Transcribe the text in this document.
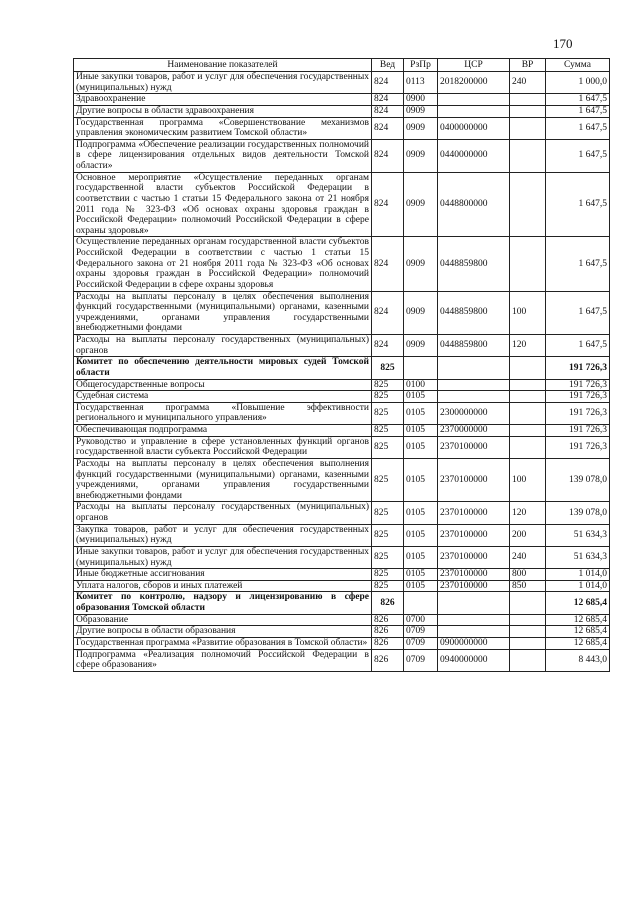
170
Наименование показателей	Вед	РзПр	ЦСР	ВР	Сумма
Иные закупки товаров, работ и услуг для обеспечения государственных (муниципальных) нужд	824	0113	2018200000	240	1 000,0
Здравоохранение	824	0900			1 647,5
Другие вопросы в области здравоохранения	824	0909			1 647,5
Государственная программа «Совершенствование механизмов управления экономическим развитием Томской области»	824	0909	0400000000		1 647,5
Подпрограмма «Обеспечение реализации государственных полномочий в сфере лицензирования отдельных видов деятельности Томской области»	824	0909	0440000000		1 647,5
Основное мероприятие «Осуществление переданных органам государственной власти субъектов Российской Федерации в соответствии с частью 1 статьи 15 Федерального закона от 21 ноября 2011 года № 323-ФЗ «Об основах охраны здоровья граждан в Российской Федерации» полномочий Российской Федерации в сфере охраны здоровья»	824	0909	0448800000		1 647,5
Осуществление переданных органам государственной власти субъектов Российской Федерации в соответствии с частью 1 статьи 15 Федерального закона от 21 ноября 2011 года № 323-ФЗ «Об основах охраны здоровья граждан в Российской Федерации» полномочий Российской Федерации в сфере охраны здоровья	824	0909	0448859800		1 647,5
Расходы на выплаты персоналу в целях обеспечения выполнения функций государственными (муниципальными) органами, казенными учреждениями, органами управления государственными внебюджетными фондами	824	0909	0448859800	100	1 647,5
Расходы на выплаты персоналу государственных (муниципальных) органов	824	0909	0448859800	120	1 647,5
Комитет по обеспечению деятельности мировых судей Томской области	825				191 726,3
Общегосударственные вопросы	825	0100			191 726,3
Судебная система	825	0105			191 726,3
Государственная программа «Повышение эффективности регионального и муниципального управления»	825	0105	2300000000		191 726,3
Обеспечивающая подпрограмма	825	0105	2370000000		191 726,3
Руководство и управление в сфере установленных функций органов государственной власти субъекта Российской Федерации	825	0105	2370100000		191 726,3
Расходы на выплаты персоналу в целях обеспечения выполнения функций государственными (муниципальными) органами, казенными учреждениями, органами управления государственными внебюджетными фондами	825	0105	2370100000	100	139 078,0
Расходы на выплаты персоналу государственных (муниципальных) органов	825	0105	2370100000	120	139 078,0
Закупка товаров, работ и услуг для обеспечения государственных (муниципальных) нужд	825	0105	2370100000	200	51 634,3
Иные закупки товаров, работ и услуг для обеспечения государственных (муниципальных) нужд	825	0105	2370100000	240	51 634,3
Иные бюджетные ассигнования	825	0105	2370100000	800	1 014,0
Уплата налогов, сборов и иных платежей	825	0105	2370100000	850	1 014,0
Комитет по контролю, надзору и лицензированию в сфере образования Томской области	826				12 685,4
Образование	826	0700			12 685,4
Другие вопросы в области образования	826	0709			12 685,4
Государственная программа «Развитие образования в Томской области»	826	0709	0900000000		12 685,4
Подпрограмма «Реализация полномочий Российской Федерации в сфере образования»	826	0709	0940000000		8 443,0
